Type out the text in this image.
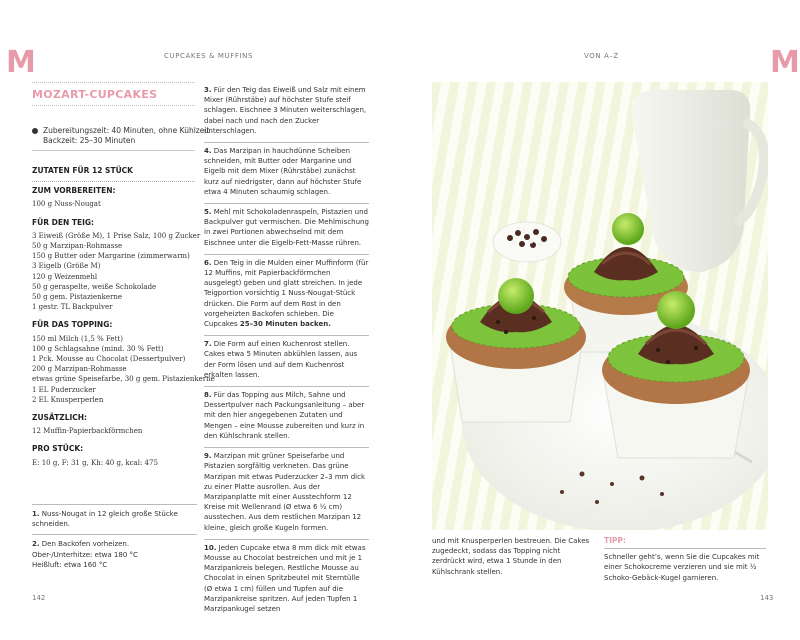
M	M
CUPCAKES & MUFFINS	VON A–Z
MOZART-CUPCAKES
Zubereitungszeit: 40 Minuten, ohne Kühlzeit
Backzeit: 25–30 Minuten
ZUTATEN FÜR 12 STÜCK
ZUM VORBEREITEN:
100 g Nuss-Nougat
FÜR DEN TEIG:
3 Eiweiß (Größe M), 1 Prise Salz, 100 g Zucker
50 g Marzipan-Rohmasse
150 g Butter oder Margarine (zimmerwarm)
3 Eigelb (Größe M)
120 g Weizenmehl
50 g geraspelte, weiße Schokolade
50 g gem. Pistazienkerne
1 gestr. TL Backpulver
FÜR DAS TOPPING:
150 ml Milch (1,5 % Fett)
100 g Schlagsahne (mind. 30 % Fett)
1 Pck. Mousse au Chocolat (Dessertpulver)
200 g Marzipan-Rohmasse
etwas grüne Speisefarbe, 30 g gem. Pistazienkerne
1 EL Puderzucker
2 EL Knusperperlen
ZUSÄTZLICH:
12 Muffin-Papierbackförmchen
PRO STÜCK:
E: 10 g, F: 31 g, Kh: 40 g, kcal: 475
1. Nuss-Nougat in 12 gleich große Stücke schneiden.
2. Den Backofen vorheizen.
Ober-/Unterhitze: etwa 180 °C
Heißluft: etwa 160 °C
3. Für den Teig das Eiweiß und Salz mit einem Mixer (Rührstäbe) auf höchster Stufe steif schlagen. Eischnee 3 Minuten weiterschlagen, dabei nach und nach den Zucker unterschlagen.
4. Das Marzipan in hauchdünne Scheiben schneiden, mit Butter oder Margarine und Eigelb mit dem Mixer (Rührstäbe) zunächst kurz auf niedrigster, dann auf höchster Stufe etwa 4 Minuten schaumig schlagen.
5. Mehl mit Schokoladenraspeln, Pistazien und Backpulver gut vermischen. Die Mehlmischung in zwei Portionen abwechselnd mit dem Eischnee unter die Eigelb-Fett-Masse rühren.
6. Den Teig in die Mulden einer Muffinform (für 12 Muffins, mit Papierbackförmchen ausgelegt) geben und glatt streichen. In jede Teigportion vorsichtig 1 Nuss-Nougat-Stück drücken. Die Form auf dem Rost in den vorgeheizten Backofen schieben. Die Cupcakes 25–30 Minuten backen.
7. Die Form auf einen Kuchenrost stellen. Cakes etwa 5 Minuten abkühlen lassen, aus der Form lösen und auf dem Kuchenrost erkalten lassen.
8. Für das Topping aus Milch, Sahne und Dessertpulver nach Packungsanleitung – aber mit den hier angegebenen Zutaten und Mengen – eine Mousse zubereiten und kurz in den Kühlschrank stellen.
9. Marzipan mit grüner Speisefarbe und Pistazien sorgfältig verkneten. Das grüne Marzipan mit etwas Puderzucker 2–3 mm dick zu einer Platte ausrollen. Aus der Marzipanplatte mit einer Ausstechform 12 Kreise mit Wellenrand (Ø etwa 6 ½ cm) ausstechen. Aus dem restlichen Marzipan 12 kleine, gleich große Kugeln formen.
10. Jeden Cupcake etwa 8 mm dick mit etwas Mousse au Chocolat bestreichen und mit je 1 Marzipankreis belegen. Restliche Mousse au Chocolat in einen Spritzbeutel mit Sterntülle (Ø etwa 1 cm) füllen und Tupfen auf die Marzipankreise spritzen. Auf jeden Tupfen 1 Marzipankugel setzen
und mit Knusperperlen bestreuen. Die Cakes zugedeckt, sodass das Topping nicht zerdrückt wird, etwa 1 Stunde in den Kühlschrank stellen.
TIPP:
Schneller geht’s, wenn Sie die Cupcakes mit einer Schokocreme verzieren und sie mit ½ Schoko-Gebäck-Kugel garnieren.
142	143
